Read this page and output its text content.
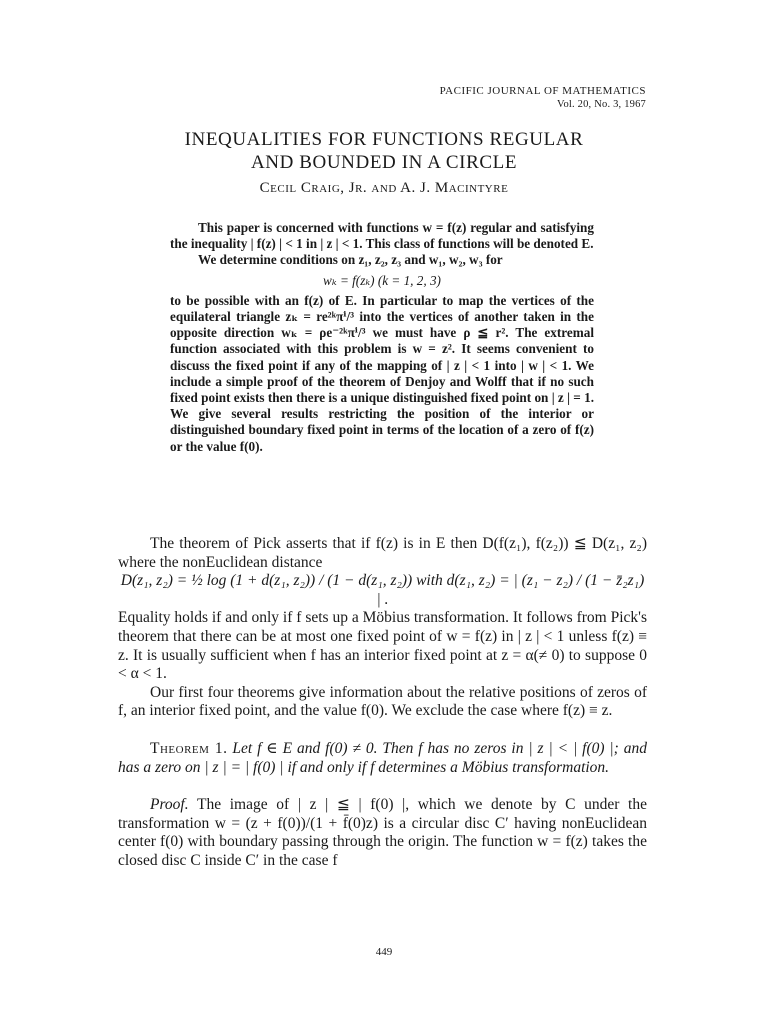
PACIFIC JOURNAL OF MATHEMATICS
Vol. 20, No. 3, 1967
INEQUALITIES FOR FUNCTIONS REGULAR
AND BOUNDED IN A CIRCLE
Cecil Craig, Jr. and A. J. Macintyre

This paper is concerned with functions w = f(z) regular and satisfying the inequality | f(z) | < 1 in | z | < 1. This class of functions will be denoted E.

We determine conditions on z₁, z₂, z₃ and w₁, w₂, w₃ for

wₖ = f(zₖ) (k = 1, 2, 3)

to be possible with an f(z) of E. In particular to map the vertices of the equilateral triangle zₖ = re²ᵏπⁱ/³ into the vertices of another taken in the opposite direction wₖ = ρe⁻²ᵏπⁱ/³ we must have ρ ≦ r². The extremal function associated with this problem is w = z². It seems convenient to discuss the fixed point if any of the mapping of | z | < 1 into | w | < 1. We include a simple proof of the theorem of Denjoy and Wolff that if no such fixed point exists then there is a unique distinguished fixed point on | z | = 1. We give several results restricting the position of the interior or distinguished boundary fixed point in terms of the location of a zero of f(z) or the value f(0).

The theorem of Pick asserts that if f(z) is in E then D(f(z₁), f(z₂)) ≦ D(z₁, z₂) where the nonEuclidean distance

D(z₁, z₂) = ½ log (1 + d(z₁, z₂)) / (1 − d(z₁, z₂)) with d(z₁, z₂) = | (z₁ − z₂) / (1 − z̄₂z₁) | .

Equality holds if and only if f sets up a Möbius transformation. It follows from Pick's theorem that there can be at most one fixed point of w = f(z) in | z | < 1 unless f(z) ≡ z. It is usually sufficient when f has an interior fixed point at z = α(≠ 0) to suppose 0 < α < 1.

Our first four theorems give information about the relative positions of zeros of f, an interior fixed point, and the value f(0). We exclude the case where f(z) ≡ z.

Theorem 1. Let f ∈ E and f(0) ≠ 0. Then f has no zeros in | z | < | f(0) |; and has a zero on | z | = | f(0) | if and only if f determines a Möbius transformation.

Proof. The image of | z | ≦ | f(0) |, which we denote by C under the transformation w = (z + f(0))/(1 + f̄(0)z) is a circular disc C′ having nonEuclidean center f(0) with boundary passing through the origin. The function w = f(z) takes the closed disc C inside C′ in the case f

449
